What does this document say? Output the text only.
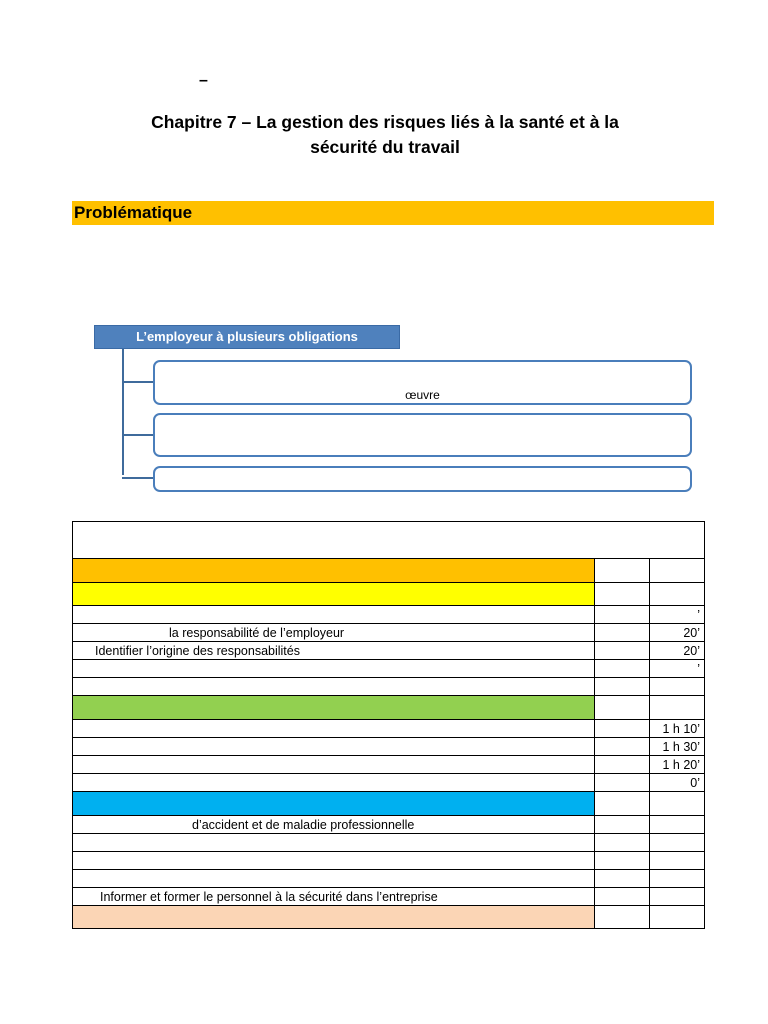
–
Chapitre 7 – La gestion des risques liés à la santé et à la
sécurité du travail
Problématique
L’employeur à plusieurs obligations
œuvre

		’
la responsabilité de l’employeur		20’
Identifier l’origine des responsabilités		20’
		’

		1 h 10’
		1 h 30’
		1 h 20’
		0’

d’accident et de maladie professionnelle		

Informer et former le personnel à la sécurité dans l’entreprise		
